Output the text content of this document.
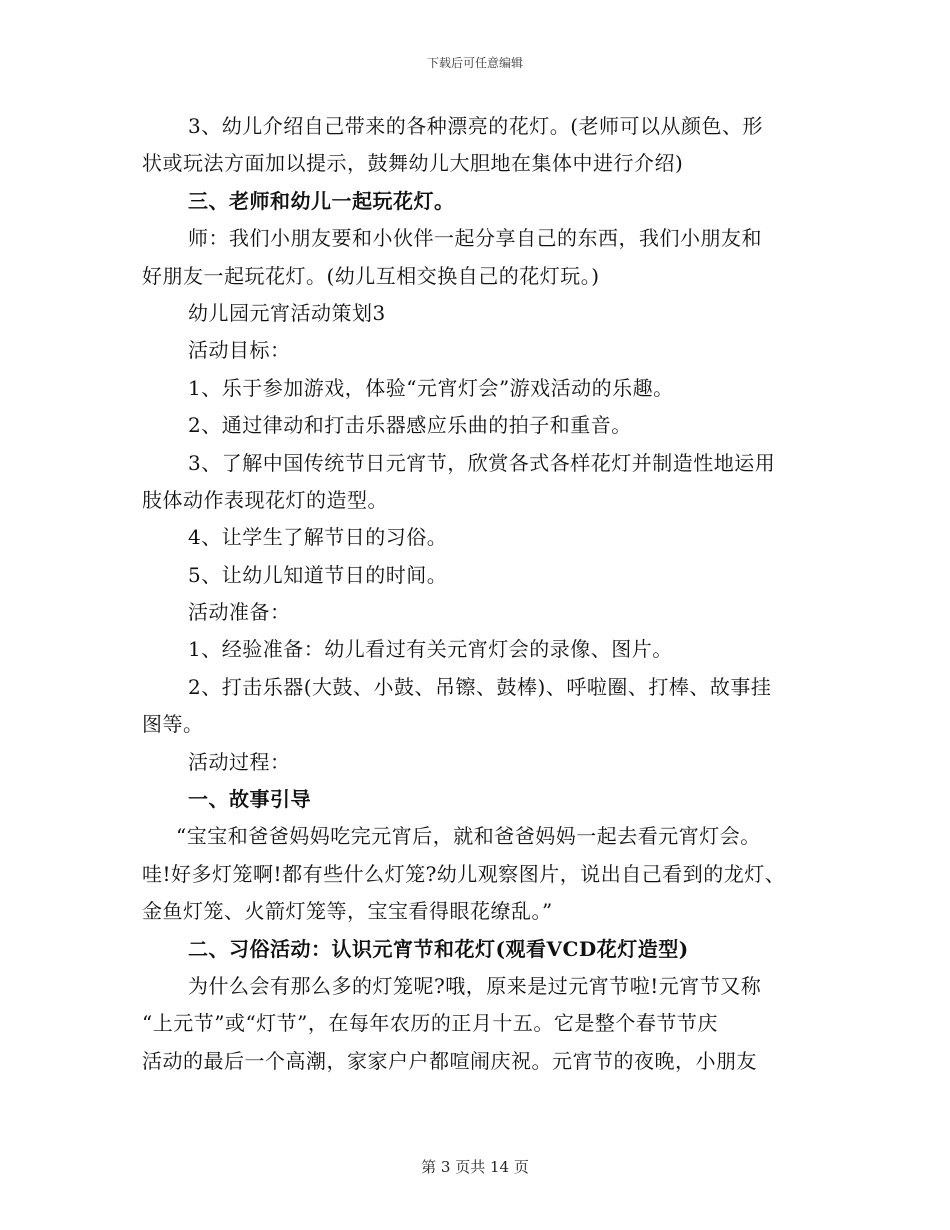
下载后可任意编辑
3、幼儿介绍自己带来的各种漂亮的花灯。(老师可以从颜色、形
状或玩法方面加以提示，鼓舞幼儿大胆地在集体中进行介绍)
三、老师和幼儿一起玩花灯。
师：我们小朋友要和小伙伴一起分享自己的东西，我们小朋友和
好朋友一起玩花灯。(幼儿互相交换自己的花灯玩。)
幼儿园元宵活动策划3
活动目标：
1、乐于参加游戏，体验“元宵灯会”游戏活动的乐趣。
2、通过律动和打击乐器感应乐曲的拍子和重音。
3、了解中国传统节日元宵节，欣赏各式各样花灯并制造性地运用
肢体动作表现花灯的造型。
4、让学生了解节日的习俗。
5、让幼儿知道节日的时间。
活动准备：
1、经验准备：幼儿看过有关元宵灯会的录像、图片。
2、打击乐器(大鼓、小鼓、吊镲、鼓棒)、呼啦圈、打棒、故事挂
图等。
活动过程：
一、故事引导
“宝宝和爸爸妈妈吃完元宵后，就和爸爸妈妈一起去看元宵灯会。
哇!好多灯笼啊!都有些什么灯笼?幼儿观察图片，说出自己看到的龙灯、
金鱼灯笼、火箭灯笼等，宝宝看得眼花缭乱。”
二、习俗活动：认识元宵节和花灯(观看VCD花灯造型)
为什么会有那么多的灯笼呢?哦，原来是过元宵节啦!元宵节又称
“上元节”或“灯节”，在每年农历的正月十五。它是整个春节节庆
活动的最后一个高潮，家家户户都喧闹庆祝。元宵节的夜晚，小朋友
第 3 页共 14 页
